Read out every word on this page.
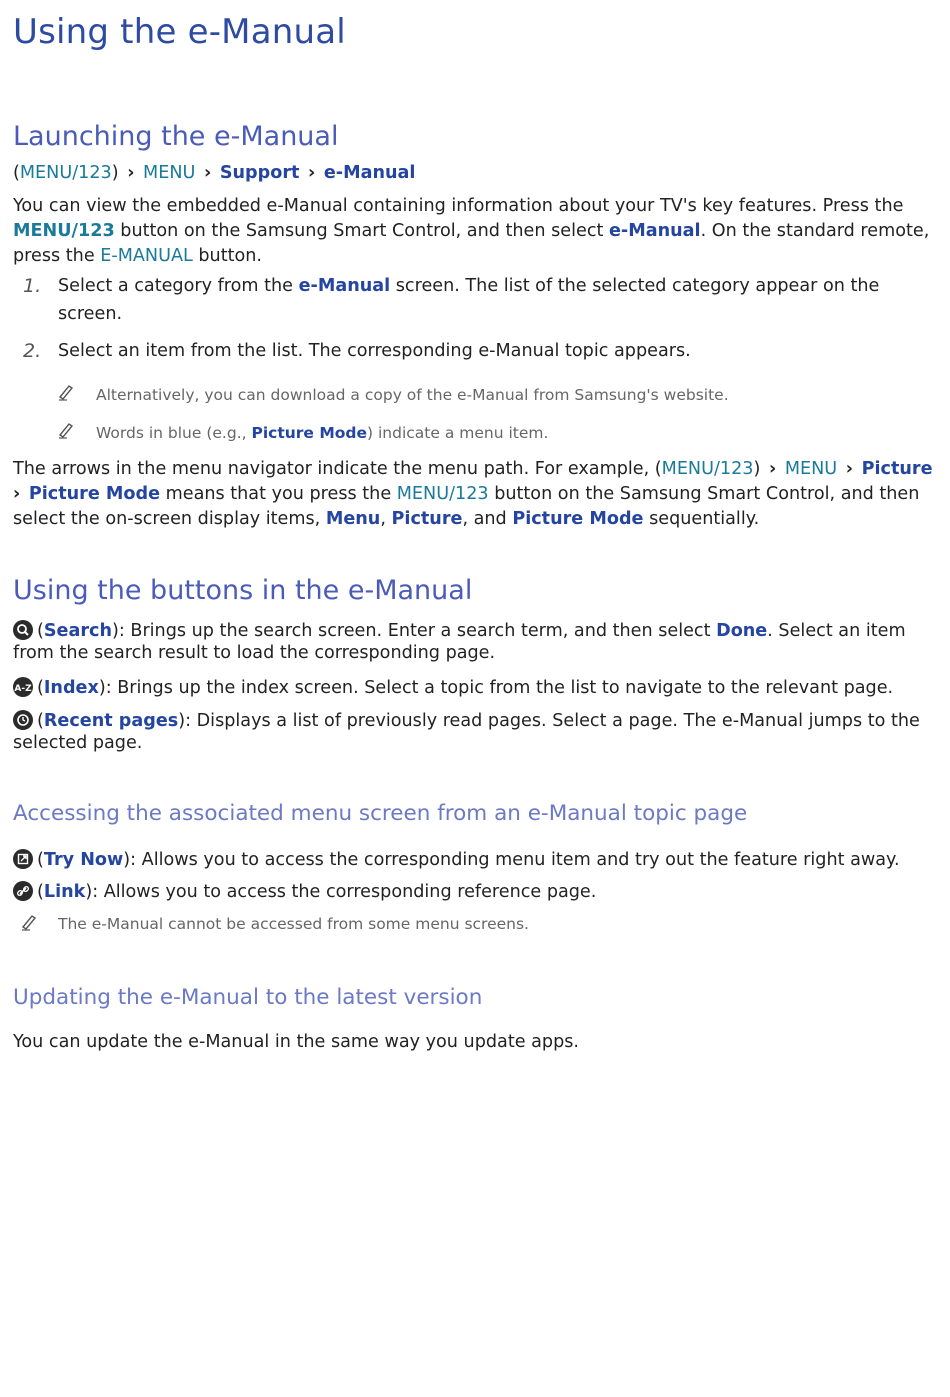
Using the e-Manual
Launching the e-Manual
(MENU/123) › MENU › Support › e-Manual
You can view the embedded e-Manual containing information about your TV's key features. Press the
MENU/123 button on the Samsung Smart Control, and then select e-Manual. On the standard remote,
press the E-MANUAL button.
1. Select a category from the e-Manual screen. The list of the selected category appear on the
screen.
2. Select an item from the list. The corresponding e-Manual topic appears.
Alternatively, you can download a copy of the e-Manual from Samsung's website.
Words in blue (e.g., Picture Mode) indicate a menu item.
The arrows in the menu navigator indicate the menu path. For example, (MENU/123) › MENU › Picture
› Picture Mode means that you press the MENU/123 button on the Samsung Smart Control, and then
select the on-screen display items, Menu, Picture, and Picture Mode sequentially.
Using the buttons in the e-Manual
(Search): Brings up the search screen. Enter a search term, and then select Done. Select an item
from the search result to load the corresponding page.
A-Z (Index): Brings up the index screen. Select a topic from the list to navigate to the relevant page.
(Recent pages): Displays a list of previously read pages. Select a page. The e-Manual jumps to the
selected page.
Accessing the associated menu screen from an e-Manual topic page
(Try Now): Allows you to access the corresponding menu item and try out the feature right away.
(Link): Allows you to access the corresponding reference page.
The e-Manual cannot be accessed from some menu screens.
Updating the e-Manual to the latest version
You can update the e-Manual in the same way you update apps.
